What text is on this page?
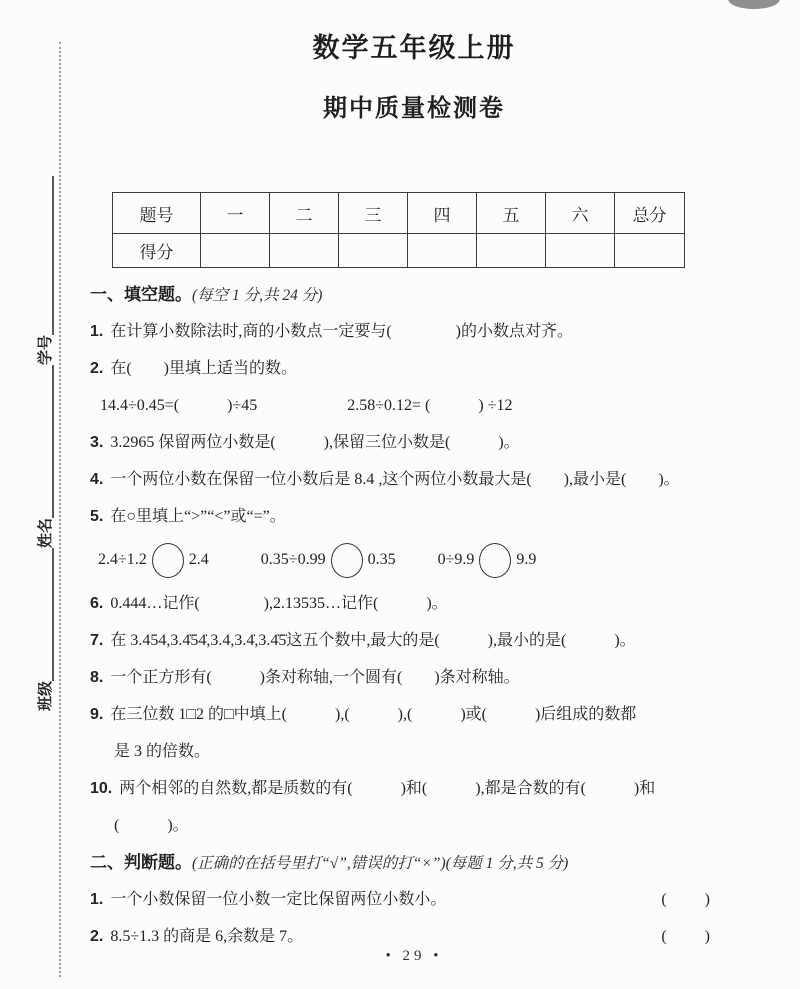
班级
姓名
学号
数学五年级上册
期中质量检测卷
题号	一	二	三	四	五	六	总分
得分							
一、填空题。(每空 1 分,共 24 分)
1. 在计算小数除法时,商的小数点一定要与(　　　　)的小数点对齐。
2. 在(　　)里填上适当的数。
14.4÷0.45=(　　　)÷45	2.58÷0.12= (　　　) ÷12
3. 3.2965 保留两位小数是(　　　),保留三位小数是(　　　)。
4. 一个两位小数在保留一位小数后是 8.4 ,这个两位小数最大是(　　),最小是(　　)。
5. 在○里填上“>”“<”或“=”。
2.4÷1.2	2.4	0.35÷0.99	0.35	0÷9.9	9.9
6. 0.444…记作(　　　　),2.13535…记作(　　　)。
7. 在 3.454,3.4̇54̇,3.4,3.4̇,3.4̇5̇这五个数中,最大的是(　　　),最小的是(　　　)。
8. 一个正方形有(　　　)条对称轴,一个圆有(　　)条对称轴。
9. 在三位数 1□2 的□中填上(　　　),(　　　),(　　　)或(　　　)后组成的数都
是 3 的倍数。
10. 两个相邻的自然数,都是质数的有(　　　)和(　　　),都是合数的有(　　　)和
(　　　)。
二、判断题。(正确的在括号里打“√”,错误的打“×”)(每题 1 分,共 5 分)
1. 一个小数保留一位小数一定比保留两位小数小。	(　　)
2. 8.5÷1.3 的商是 6,余数是 7。	(　　)
• 29 •
